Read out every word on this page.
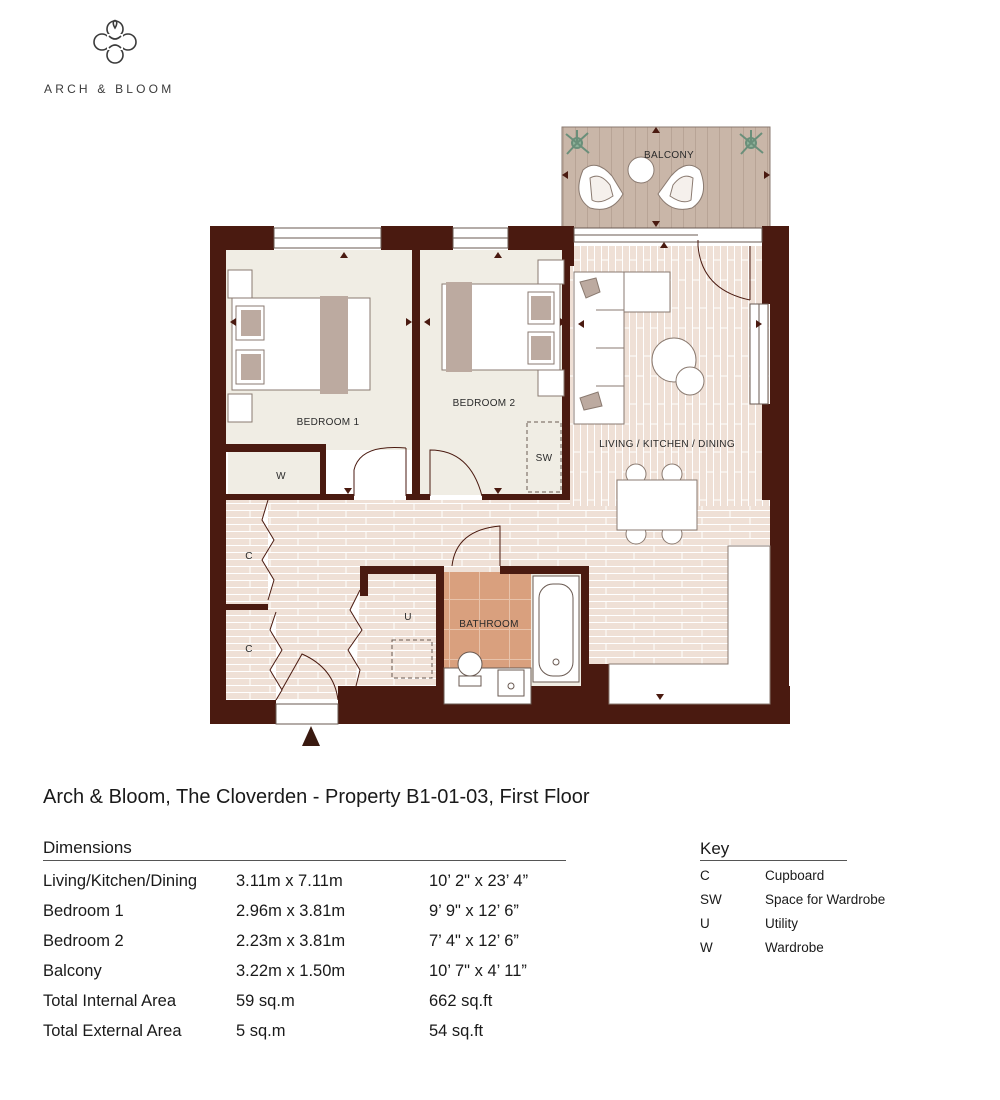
ARCH & BLOOM
BALCONY
BEDROOM 1
BEDROOM 2
LIVING / KITCHEN / DINING
BATHROOM
SW
W
C
C
U
Arch & Bloom, The Cloverden - Property B1-01-03, First Floor
Dimensions
Living/Kitchen/Dining	3.11m x 7.11m	10’ 2" x 23’ 4”
Bedroom 1	2.96m x 3.81m	9’ 9" x 12’ 6”
Bedroom 2	2.23m x 3.81m	7’ 4" x 12’ 6”
Balcony	3.22m x 1.50m	10’ 7" x 4’ 11”
Total Internal Area	59 sq.m	662 sq.ft
Total External Area	5 sq.m	54 sq.ft
Key
C	Cupboard
SW	Space for Wardrobe
U	Utility
W	Wardrobe
